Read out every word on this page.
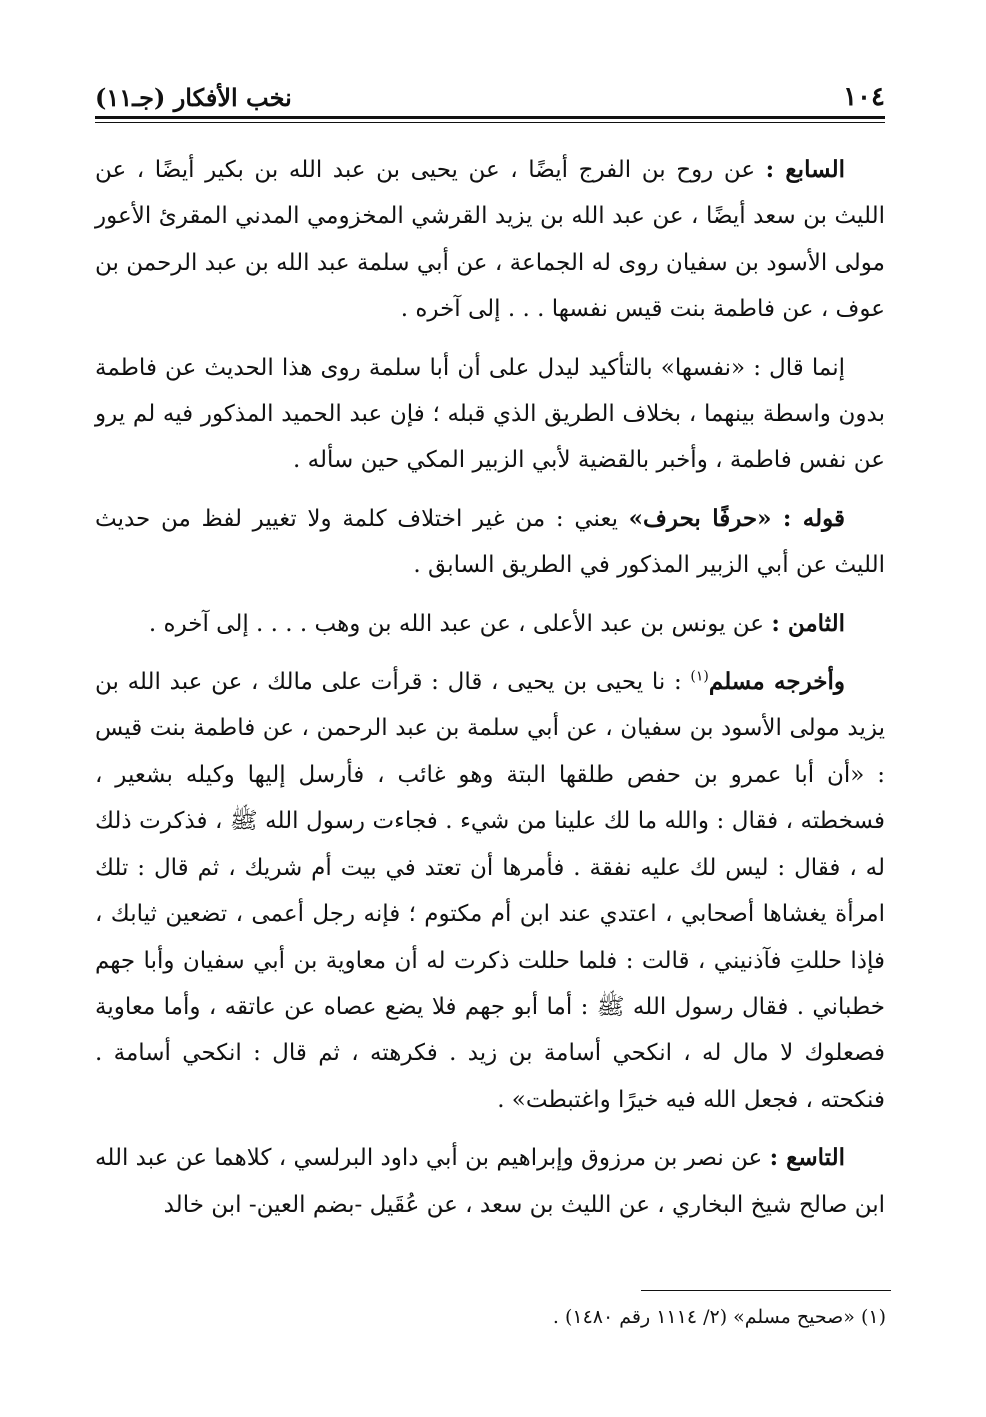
١٠٤
نخب الأفكار (جـ١١)

السابع : عن روح بن الفرج أيضًا ، عن يحيى بن عبد الله بن بكير أيضًا ، عن الليث بن سعد أيضًا ، عن عبد الله بن يزيد القرشي المخزومي المدني المقرئ الأعور مولى الأسود بن سفيان روى له الجماعة ، عن أبي سلمة عبد الله بن عبد الرحمن بن عوف ، عن فاطمة بنت قيس نفسها . . . إلى آخره .

إنما قال : «نفسها» بالتأكيد ليدل على أن أبا سلمة روى هذا الحديث عن فاطمة بدون واسطة بينهما ، بخلاف الطريق الذي قبله ؛ فإن عبد الحميد المذكور فيه لم يرو عن نفس فاطمة ، وأخبر بالقضية لأبي الزبير المكي حين سأله .

قوله : «حرفًا بحرف» يعني : من غير اختلاف كلمة ولا تغيير لفظ من حديث الليث عن أبي الزبير المذكور في الطريق السابق .

الثامن : عن يونس بن عبد الأعلى ، عن عبد الله بن وهب . . . . إلى آخره .

وأخرجه مسلم$^{(١)}$ : نا يحيى بن يحيى ، قال : قرأت على مالك ، عن عبد الله بن يزيد مولى الأسود بن سفيان ، عن أبي سلمة بن عبد الرحمن ، عن فاطمة بنت قيس : «أن أبا عمرو بن حفص طلقها البتة وهو غائب ، فأرسل إليها وكيله بشعير ، فسخطته ، فقال : والله ما لك علينا من شيء . فجاءت رسول الله ﷺ ، فذكرت ذلك له ، فقال : ليس لك عليه نفقة . فأمرها أن تعتد في بيت أم شريك ، ثم قال : تلك امرأة يغشاها أصحابي ، اعتدي عند ابن أم مكتوم ؛ فإنه رجل أعمى ، تضعين ثيابك ، فإذا حللتِ فآذنيني ، قالت : فلما حللت ذكرت له أن معاوية بن أبي سفيان وأبا جهم خطباني . فقال رسول الله ﷺ : أما أبو جهم فلا يضع عصاه عن عاتقه ، وأما معاوية فصعلوك لا مال له ، انكحي أسامة بن زيد . فكرهته ، ثم قال : انكحي أسامة . فنكحته ، فجعل الله فيه خيرًا واغتبطت» .

التاسع : عن نصر بن مرزوق وإبراهيم بن أبي داود البرلسي ، كلاهما عن عبد الله ابن صالح شيخ البخاري ، عن الليث بن سعد ، عن عُقَيل -بضم العين- ابن خالد

(١) «صحيح مسلم» (٢/ ١١١٤ رقم ١٤٨٠) .
